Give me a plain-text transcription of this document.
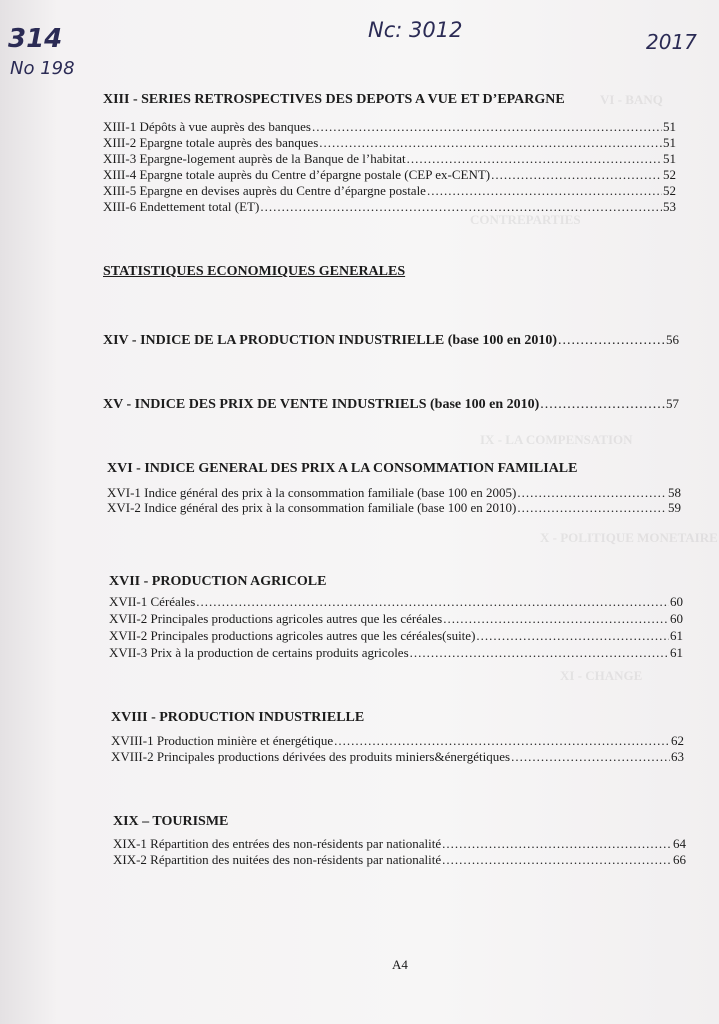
VI - BANQ
CONTREPARTIES
IX - LA COMPENSATION
X - POLITIQUE MONETAIRE
XI - CHANGE
314
No 198
Nc: 3012	2017
XIII - SERIES RETROSPECTIVES DES DEPOTS A VUE ET D’EPARGNE
XIII-1 Dépôts à vue auprès des banques .....	51
XIII-2 Epargne totale auprès des banques .....	51
XIII-3 Epargne-logement auprès de la Banque de l’habitat .....	51
XIII-4 Epargne totale auprès du Centre d’épargne postale (CEP ex-CENT) .....	52
XIII-5 Epargne en devises auprès du Centre d’épargne postale .....	52
XIII-6 Endettement total (ET) .....	53
STATISTIQUES ECONOMIQUES GENERALES
XIV - INDICE DE LA PRODUCTION INDUSTRIELLE (base 100 en 2010) .....	56
XV - INDICE DES PRIX DE VENTE INDUSTRIELS (base 100 en 2010) .....	57
XVI - INDICE GENERAL DES PRIX A LA CONSOMMATION FAMILIALE
XVI-1 Indice général des prix à la consommation familiale (base 100 en 2005) .....	58
XVI-2 Indice général des prix à la consommation familiale (base 100 en 2010) .....	59
XVII - PRODUCTION AGRICOLE
XVII-1 Céréales .....	60
XVII-2 Principales productions agricoles autres que les céréales .....	60
XVII-2 Principales productions agricoles autres que les céréales(suite) .....	61
XVII-3 Prix à la production de certains produits agricoles .....	61
XVIII - PRODUCTION INDUSTRIELLE
XVIII-1 Production minière et énergétique .....	62
XVIII-2 Principales productions dérivées des produits miniers&énergétiques .....	63
XIX – TOURISME
XIX-1 Répartition des entrées des non-résidents par nationalité .....	64
XIX-2 Répartition des nuitées des non-résidents par nationalité .....	66
A4
